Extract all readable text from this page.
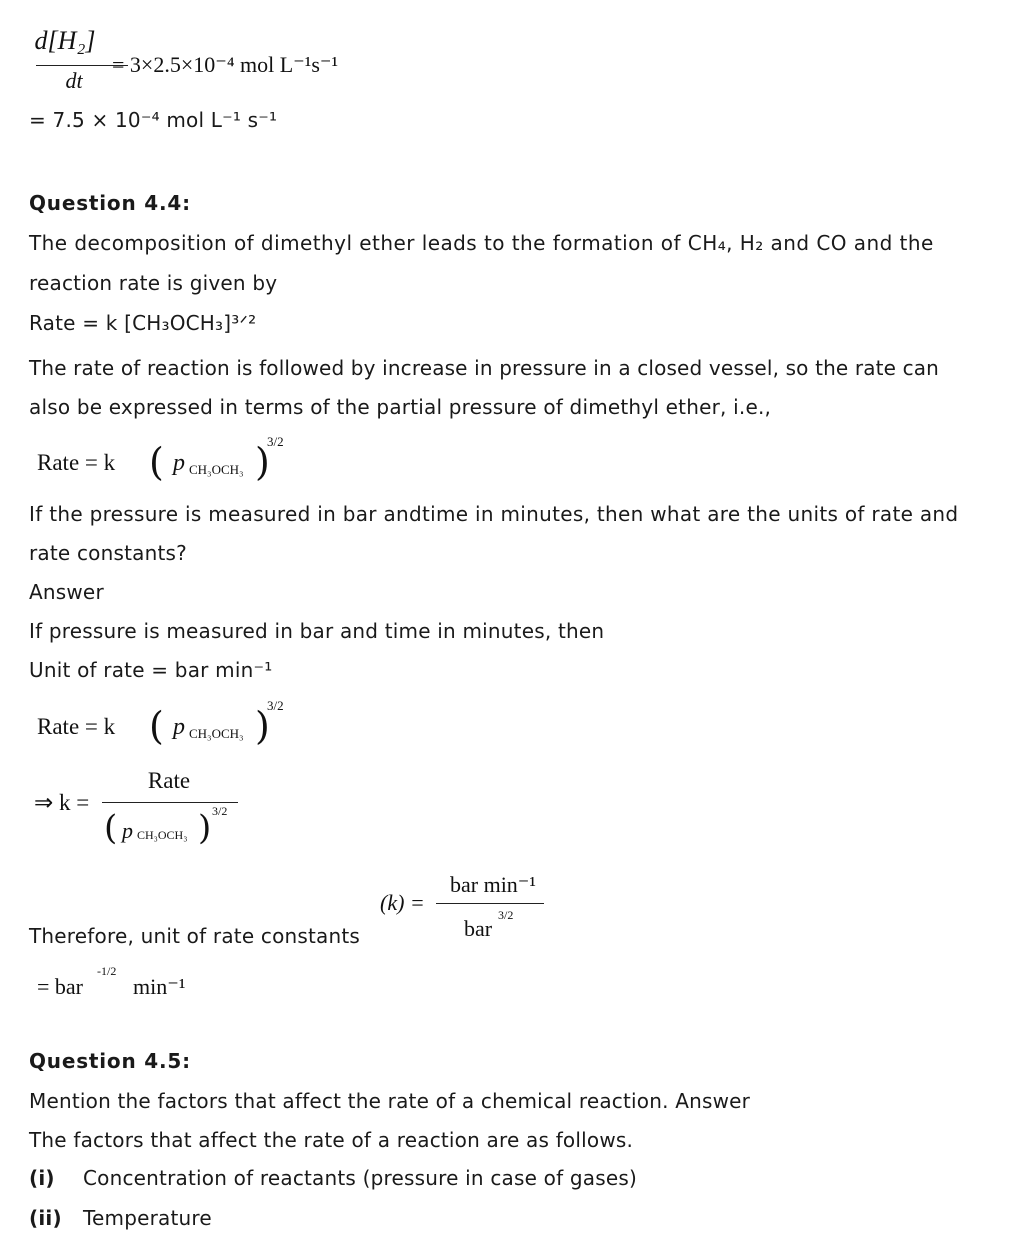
d[H₂]
dt
= 3×2.5×10⁻⁴ mol L⁻¹s⁻¹
= 7.5 × 10⁻⁴ mol L⁻¹ s⁻¹
Question 4.4:
The decomposition of dimethyl ether leads to the formation of CH₄, H₂ and CO and the
reaction rate is given by
Rate = k [CH₃OCH₃]³ᐟ²
The rate of reaction is followed by increase in pressure in a closed vessel, so the rate can
also be expressed in terms of the partial pressure of dimethyl ether, i.e.,
Rate = k ( p CH₃OCH₃ )
3/2
If the pressure is measured in bar andtime in minutes, then what are the units of rate and
rate constants?
Answer
If pressure is measured in bar and time in minutes, then
Unit of rate = bar min⁻¹
Rate = k ( p CH₃OCH₃ )
3/2
⇒ k =
Rate
( p CH₃OCH₃ ) 3/2
(k) =
bar min⁻¹
bar
3/2
Therefore, unit of rate constants
= bar
-1/2
min⁻¹
Question 4.5:
Mention the factors that affect the rate of a chemical reaction. Answer
The factors that affect the rate of a reaction are as follows.
(i) Concentration of reactants (pressure in case of gases)
(ii) Temperature
